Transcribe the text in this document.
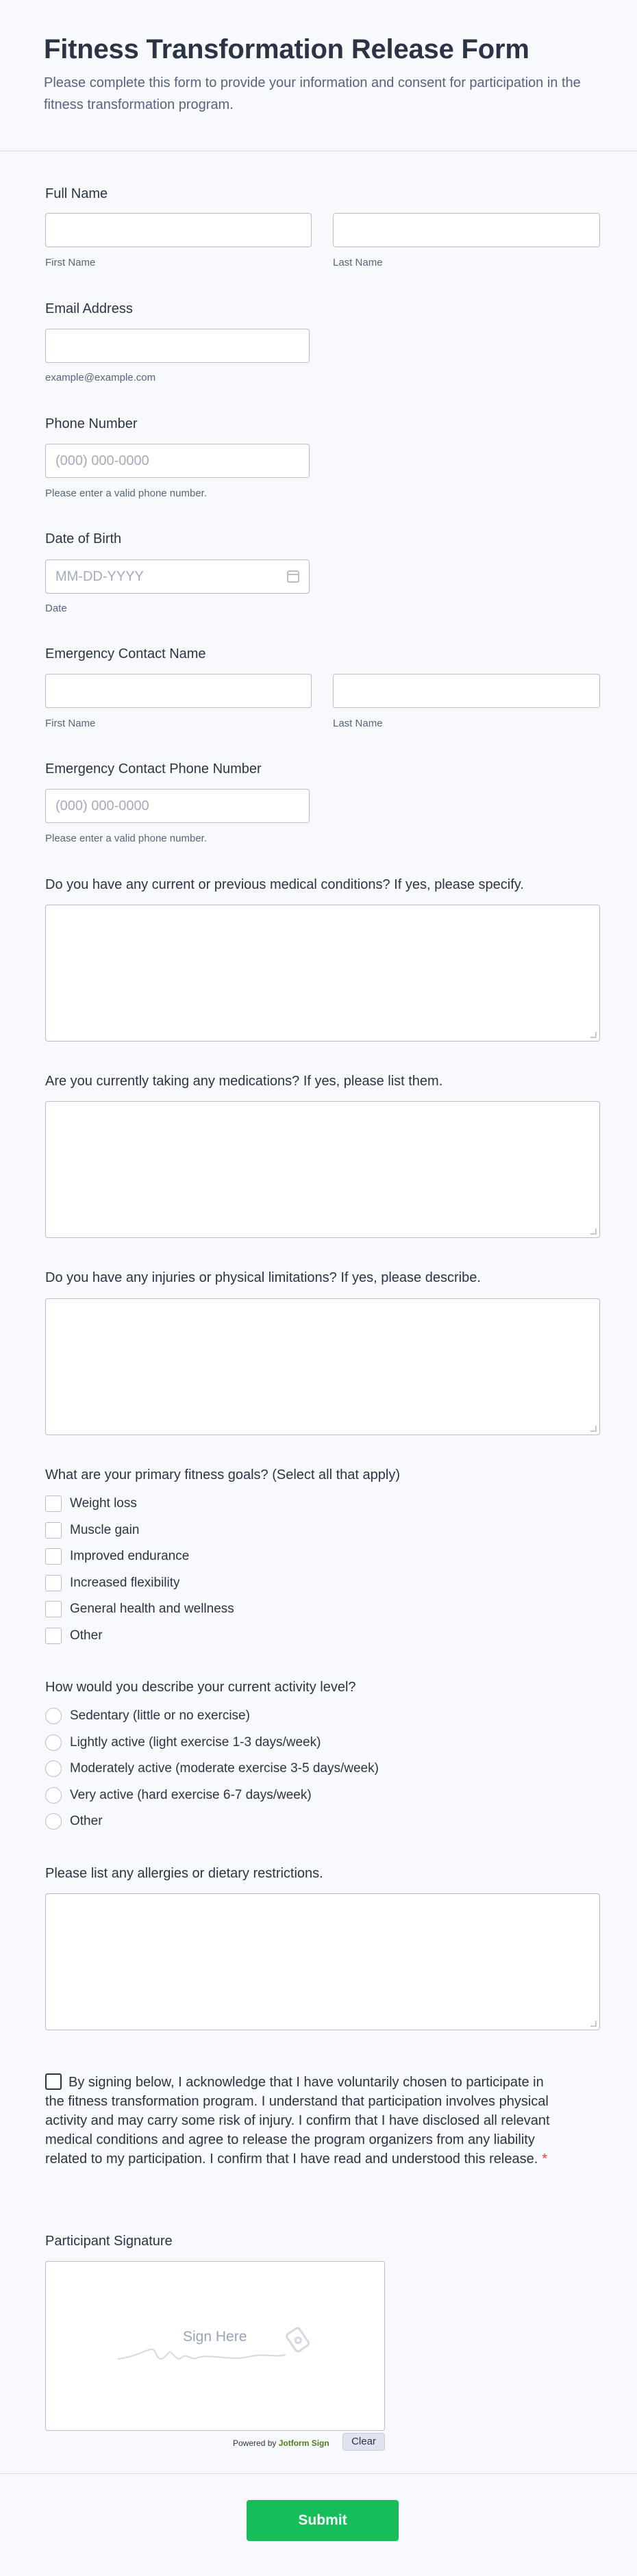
Fitness Transformation Release Form

Please complete this form to provide your information and consent for participation in the fitness transformation program.

Full Name
First Name	Last Name
Email Address
example@example.com
Phone Number
(000) 000-0000
Please enter a valid phone number.
Date of Birth
MM-DD-YYYY
Date
Emergency Contact Name
First Name	Last Name
Emergency Contact Phone Number
(000) 000-0000
Please enter a valid phone number.
Do you have any current or previous medical conditions? If yes, please specify.
Are you currently taking any medications? If yes, please list them.
Do you have any injuries or physical limitations? If yes, please describe.
What are your primary fitness goals? (Select all that apply)
Weight loss
Muscle gain
Improved endurance
Increased flexibility
General health and wellness
Other
How would you describe your current activity level?
Sedentary (little or no exercise)
Lightly active (light exercise 1-3 days/week)
Moderately active (moderate exercise 3-5 days/week)
Very active (hard exercise 6-7 days/week)
Other
Please list any allergies or dietary restrictions.
By signing below, I acknowledge that I have voluntarily chosen to participate in the fitness transformation program. I understand that participation involves physical activity and may carry some risk of injury. I confirm that I have disclosed all relevant medical conditions and agree to release the program organizers from any liability related to my participation. I confirm that I have read and understood this release. *
Participant Signature
Sign Here
Powered by Jotform Sign	Clear
Submit
